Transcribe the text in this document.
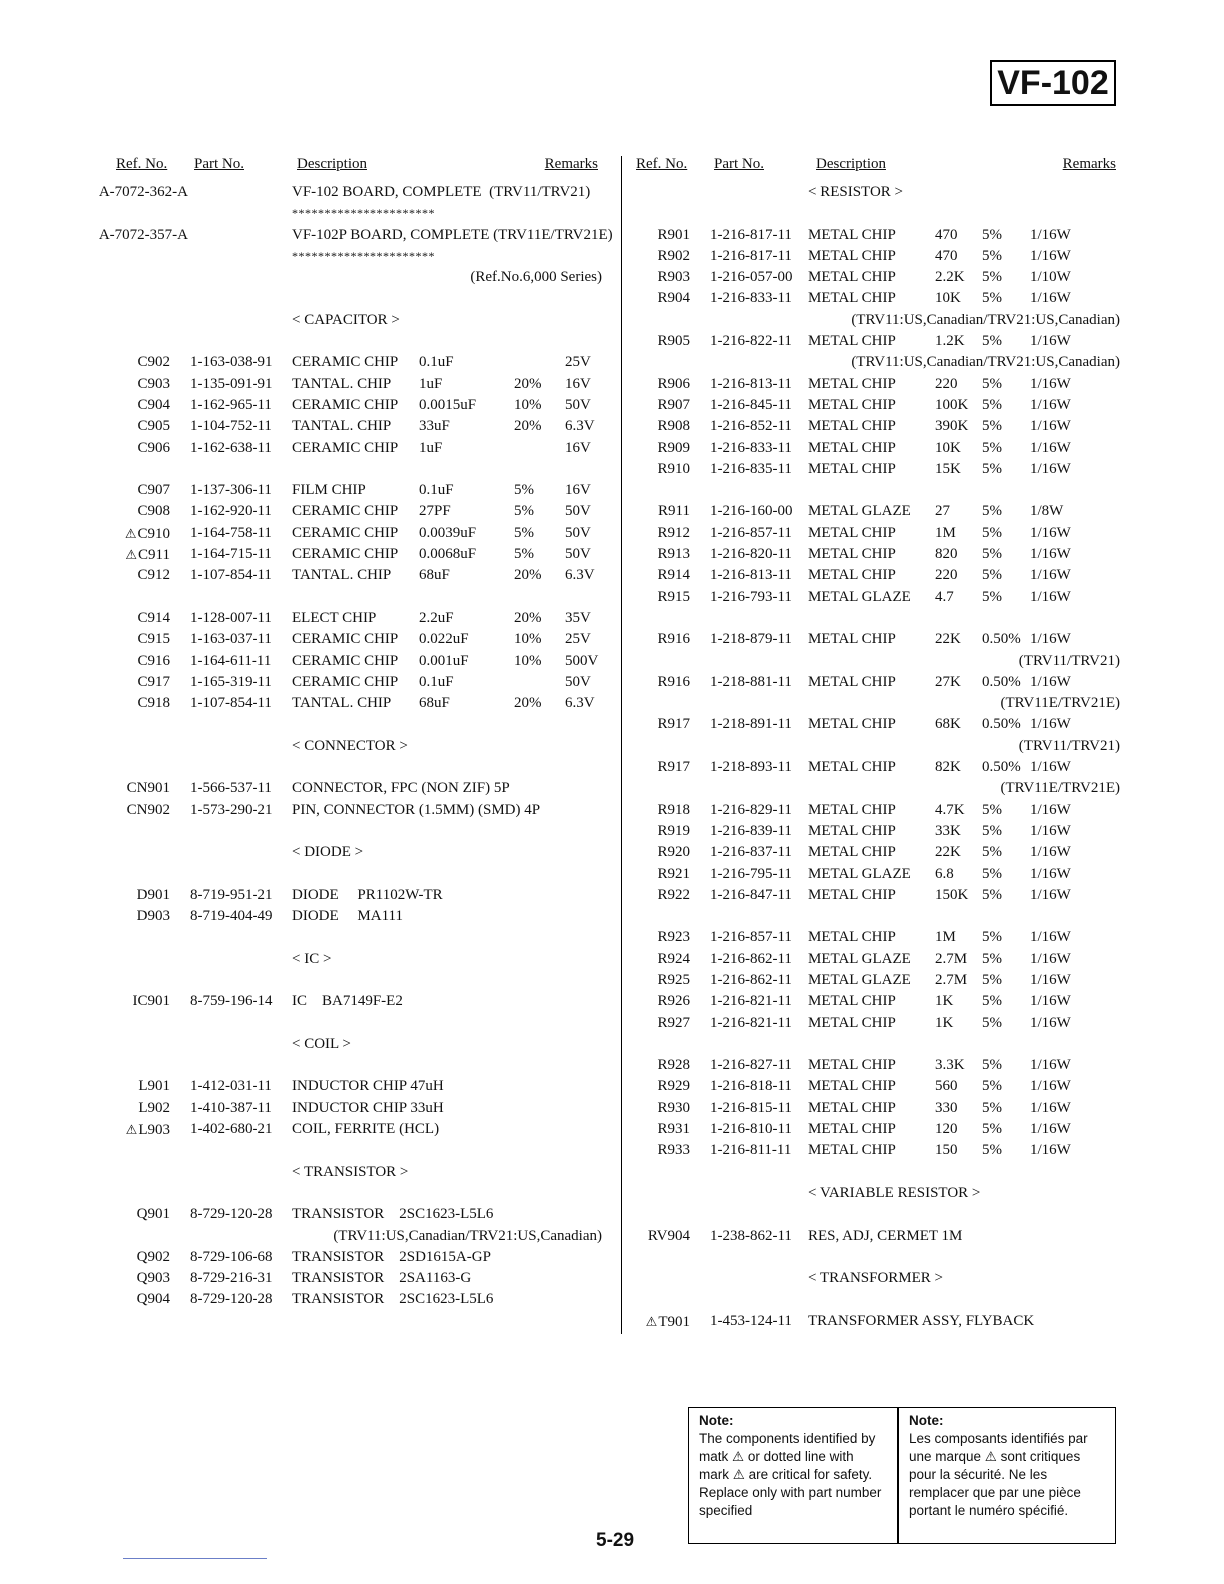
VF-102
Ref. No. Part No.	Description	Remarks
A-7072-362-A	VF-102 BOARD, COMPLETE  (TRV11/TRV21)
**********************
A-7072-357-A	VF-102P BOARD, COMPLETE (TRV11E/TRV21E)
**********************
(Ref.No.6,000 Series)
< CAPACITOR >
C902 1-163-038-91 CERAMIC CHIP 0.1uF	25V
C903 1-135-091-91 TANTAL. CHIP 1uF	20% 16V
C904 1-162-965-11 CERAMIC CHIP 0.0015uF	10% 50V
C905 1-104-752-11 TANTAL. CHIP 33uF	20% 6.3V
C906 1-162-638-11 CERAMIC CHIP 1uF	16V
C907 1-137-306-11 FILM CHIP	0.1uF	5% 16V
C908 1-162-920-11 CERAMIC CHIP 27PF	5% 50V
⚠C910 1-164-758-11 CERAMIC CHIP 0.0039uF	5% 50V
⚠C911 1-164-715-11 CERAMIC CHIP 0.0068uF	5% 50V
C912 1-107-854-11 TANTAL. CHIP 68uF	20% 6.3V
C914 1-128-007-11 ELECT CHIP	2.2uF	20% 35V
C915 1-163-037-11 CERAMIC CHIP 0.022uF	10% 25V
C916 1-164-611-11 CERAMIC CHIP 0.001uF	10% 500V
C917 1-165-319-11 CERAMIC CHIP 0.1uF	50V
C918 1-107-854-11 TANTAL. CHIP 68uF	20% 6.3V
< CONNECTOR >
CN901 1-566-537-11 CONNECTOR, FPC (NON ZIF) 5P
CN902 1-573-290-21 PIN, CONNECTOR (1.5MM) (SMD) 4P
< DIODE >
D901 8-719-951-21 DIODE     PR1102W-TR
D903 8-719-404-49 DIODE     MA111
< IC >
IC901 8-759-196-14 IC    BA7149F-E2
< COIL >
L901 1-412-031-11 INDUCTOR CHIP 47uH
L902 1-410-387-11 INDUCTOR CHIP 33uH
⚠L903 1-402-680-21 COIL, FERRITE (HCL)
< TRANSISTOR >
Q901 8-729-120-28 TRANSISTOR    2SC1623-L5L6
(TRV11:US,Canadian/TRV21:US,Canadian)
Q902 8-729-106-68 TRANSISTOR    2SD1615A-GP
Q903 8-729-216-31 TRANSISTOR    2SA1163-G
Q904 8-729-120-28 TRANSISTOR    2SC1623-L5L6
Ref. No. Part No.	Description	Remarks
< RESISTOR >
R901 1-216-817-11 METAL CHIP	470 5% 1/16W
R902 1-216-817-11 METAL CHIP	470 5% 1/16W
R903 1-216-057-00 METAL CHIP	2.2K 5% 1/10W
R904 1-216-833-11 METAL CHIP	10K 5% 1/16W
(TRV11:US,Canadian/TRV21:US,Canadian)
R905 1-216-822-11 METAL CHIP	1.2K 5% 1/16W
(TRV11:US,Canadian/TRV21:US,Canadian)
R906 1-216-813-11 METAL CHIP	220 5% 1/16W
R907 1-216-845-11 METAL CHIP	100K 5% 1/16W
R908 1-216-852-11 METAL CHIP	390K 5% 1/16W
R909 1-216-833-11 METAL CHIP	10K 5% 1/16W
R910 1-216-835-11 METAL CHIP	15K 5% 1/16W
R911 1-216-160-00 METAL GLAZE 27 5% 1/8W
R912 1-216-857-11 METAL CHIP	1M 5% 1/16W
R913 1-216-820-11 METAL CHIP	820 5% 1/16W
R914 1-216-813-11 METAL CHIP	220 5% 1/16W
R915 1-216-793-11 METAL GLAZE 4.7 5% 1/16W
R916 1-218-879-11 METAL CHIP	22K 0.50% 1/16W
(TRV11/TRV21)
R916 1-218-881-11 METAL CHIP	27K 0.50% 1/16W
(TRV11E/TRV21E)
R917 1-218-891-11 METAL CHIP	68K 0.50% 1/16W
(TRV11/TRV21)
R917 1-218-893-11 METAL CHIP	82K 0.50% 1/16W
(TRV11E/TRV21E)
R918 1-216-829-11 METAL CHIP	4.7K 5% 1/16W
R919 1-216-839-11 METAL CHIP	33K 5% 1/16W
R920 1-216-837-11 METAL CHIP	22K 5% 1/16W
R921 1-216-795-11 METAL GLAZE 6.8 5% 1/16W
R922 1-216-847-11 METAL CHIP	150K 5% 1/16W
R923 1-216-857-11 METAL CHIP	1M 5% 1/16W
R924 1-216-862-11 METAL GLAZE 2.7M 5% 1/16W
R925 1-216-862-11 METAL GLAZE 2.7M 5% 1/16W
R926 1-216-821-11 METAL CHIP	1K 5% 1/16W
R927 1-216-821-11 METAL CHIP	1K 5% 1/16W
R928 1-216-827-11 METAL CHIP	3.3K 5% 1/16W
R929 1-216-818-11 METAL CHIP	560 5% 1/16W
R930 1-216-815-11 METAL CHIP	330 5% 1/16W
R931 1-216-810-11 METAL CHIP	120 5% 1/16W
R933 1-216-811-11 METAL CHIP	150 5% 1/16W
< VARIABLE RESISTOR >
RV904 1-238-862-11 RES, ADJ, CERMET 1M
< TRANSFORMER >
⚠T901 1-453-124-11 TRANSFORMER ASSY, FLYBACK
Note:
The components identified by matk ⚠ or dotted line with mark ⚠ are critical for safety. Replace only with part number specified
Note:
Les composants identifiés par une marque ⚠ sont critiques pour la sécurité. Ne les remplacer que par une pièce portant le numéro spécifié.
5-29
